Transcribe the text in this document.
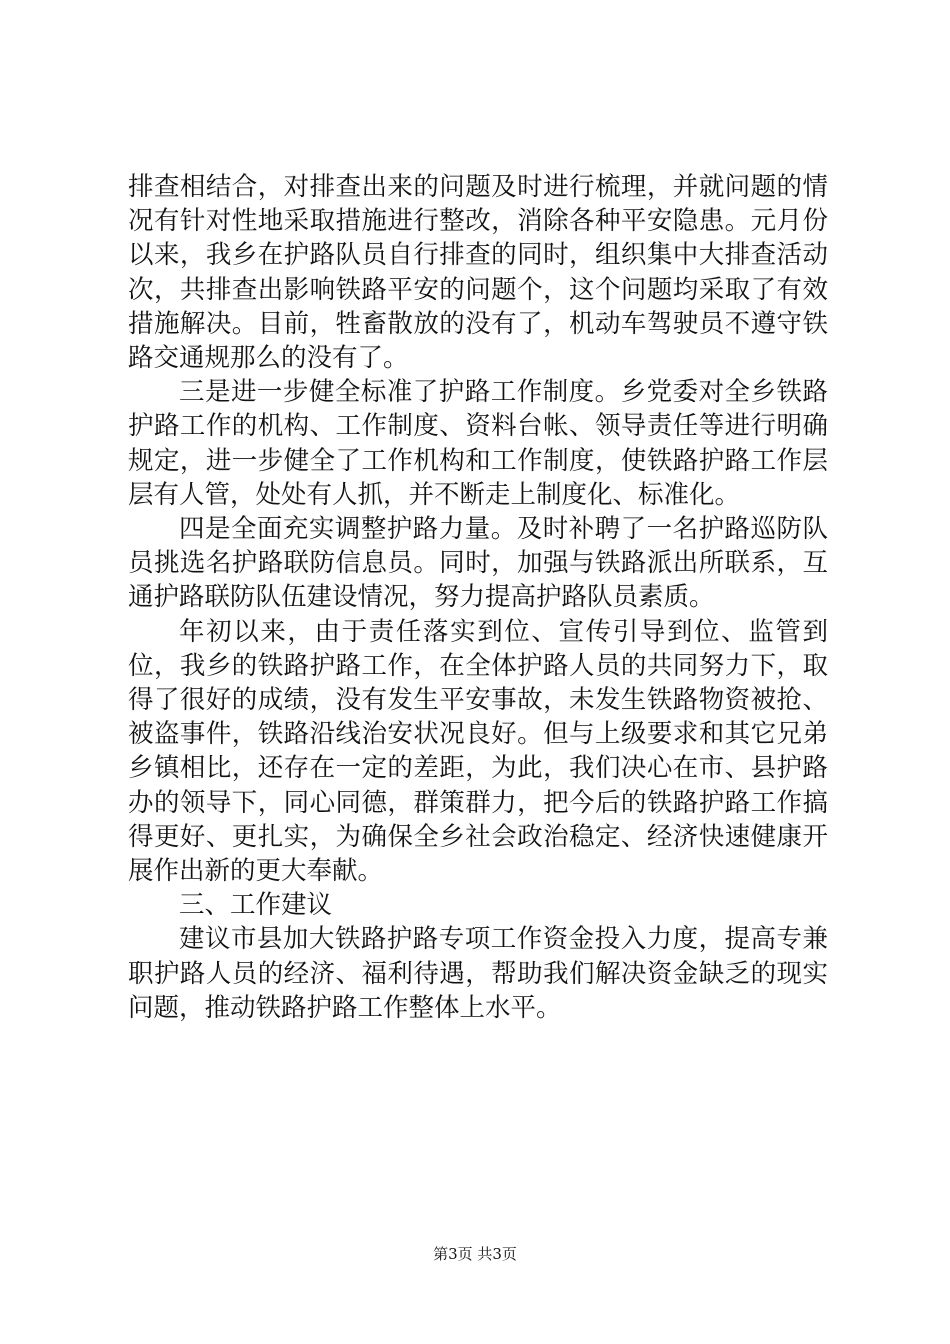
排查相结合，对排查出来的问题及时进行梳理，并就问题的情况有针对性地采取措施进行整改，消除各种平安隐患。元月份以来，我乡在护路队员自行排查的同时，组织集中大排查活动次，共排查出影响铁路平安的问题个，这个问题均采取了有效措施解决。目前，牲畜散放的没有了，机动车驾驶员不遵守铁路交通规那么的没有了。

三是进一步健全标准了护路工作制度。乡党委对全乡铁路护路工作的机构、工作制度、资料台帐、领导责任等进行明确规定，进一步健全了工作机构和工作制度，使铁路护路工作层层有人管，处处有人抓，并不断走上制度化、标准化。

四是全面充实调整护路力量。及时补聘了一名护路巡防队员挑选名护路联防信息员。同时，加强与铁路派出所联系，互通护路联防队伍建设情况，努力提高护路队员素质。

年初以来，由于责任落实到位、宣传引导到位、监管到位，我乡的铁路护路工作，在全体护路人员的共同努力下，取得了很好的成绩，没有发生平安事故，未发生铁路物资被抢、被盗事件，铁路沿线治安状况良好。但与上级要求和其它兄弟乡镇相比，还存在一定的差距，为此，我们决心在市、县护路办的领导下，同心同德，群策群力，把今后的铁路护路工作搞得更好、更扎实，为确保全乡社会政治稳定、经济快速健康开展作出新的更大奉献。

三、工作建议

建议市县加大铁路护路专项工作资金投入力度，提高专兼职护路人员的经济、福利待遇，帮助我们解决资金缺乏的现实问题，推动铁路护路工作整体上水平。

第3页 共3页
